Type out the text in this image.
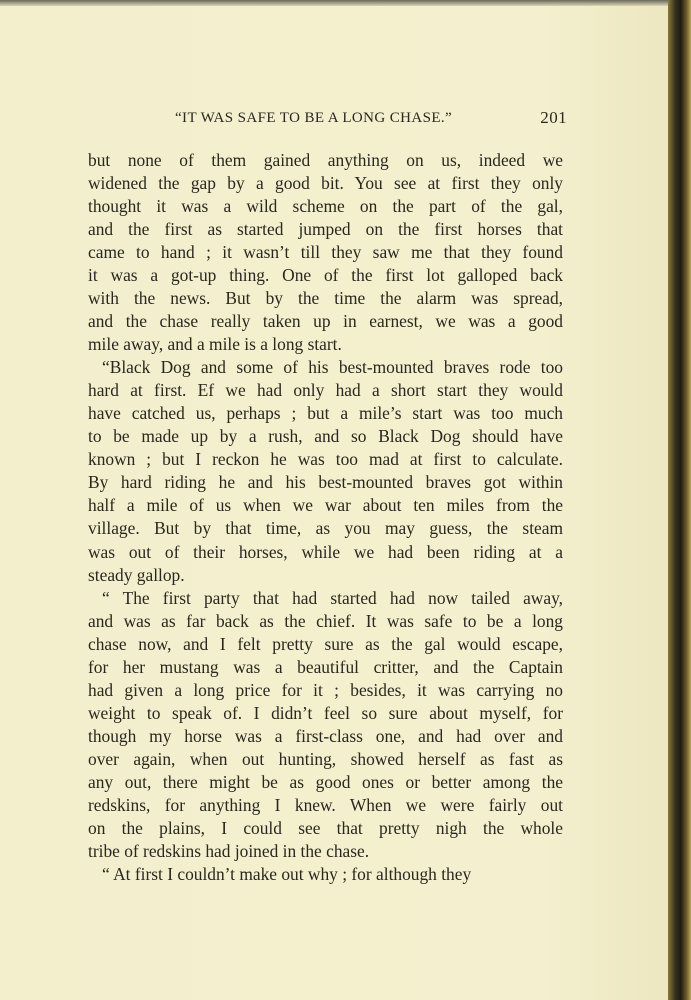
“IT WAS SAFE TO BE A LONG CHASE.”	201
but none of them gained anything on us, indeed we
widened the gap by a good bit. You see at first they only
thought it was a wild scheme on the part of the gal,
and the first as started jumped on the first horses that
came to hand ; it wasn’t till they saw me that they found
it was a got-up thing. One of the first lot galloped back
with the news. But by the time the alarm was spread,
and the chase really taken up in earnest, we was a good
mile away, and a mile is a long start.
“Black Dog and some of his best-mounted braves rode too
hard at first. Ef we had only had a short start they would
have catched us, perhaps ; but a mile’s start was too much
to be made up by a rush, and so Black Dog should have
known ; but I reckon he was too mad at first to calculate.
By hard riding he and his best-mounted braves got within
half a mile of us when we war about ten miles from the
village. But by that time, as you may guess, the steam
was out of their horses, while we had been riding at a
steady gallop.
“ The first party that had started had now tailed away,
and was as far back as the chief. It was safe to be a long
chase now, and I felt pretty sure as the gal would escape,
for her mustang was a beautiful critter, and the Captain
had given a long price for it ; besides, it was carrying no
weight to speak of. I didn’t feel so sure about myself, for
though my horse was a first-class one, and had over and
over again, when out hunting, showed herself as fast as
any out, there might be as good ones or better among the
redskins, for anything I knew. When we were fairly out
on the plains, I could see that pretty nigh the whole
tribe of redskins had joined in the chase.
“ At first I couldn’t make out why ; for although they
